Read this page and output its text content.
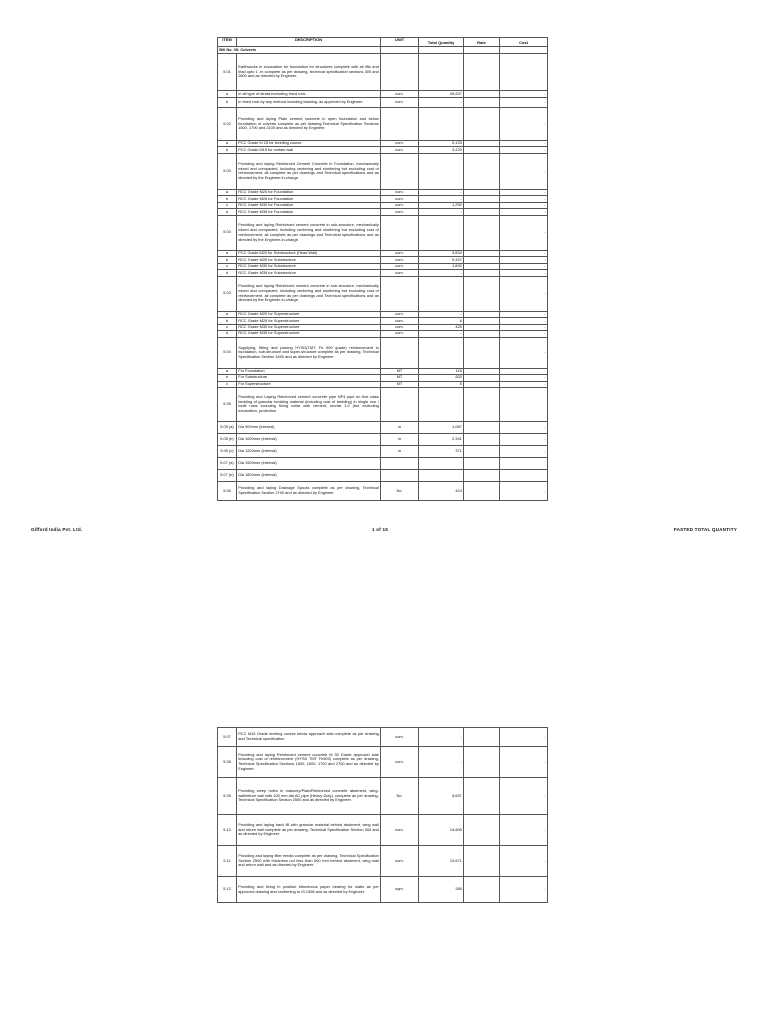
ITEM	DESCRIPTION	UNIT	Total Quantity	Rate	Cost
Bill No. 05: Culverts					
5.01	Earthworks in excavation for foundation for structures complete with all lifts and lead upto 1 ,m complete as per drawing, technical specification sections 300 and 2600 and as directed by Engineer.				
a	In all type of strata excluding Hard rock.	cum.	45,637		-
b	In Hard rock by any method including blasting, as approved by Engineer.	cum.	-		-
5.02	Providing and laying Plain cement concrete in open foundation and below foundation of culverts complete as per drawing,Technical Specification Sections 1500, 1700 and 2100 and as directed by Engineer.				-
a	PCC Grade M 15 for levelling course	cum.	5,133		-
b	PCC Grade M15 for curtain wall	cum.	3,220		-
5.03	Providing and laying Reinforced Cement Concrete in Foundation, mechanically mixed and compacted, including centering and shuttering but excluding cost of reinforcement, all complete as per drawings and Technical specifications and as directed by the Engineer-in-charge.				-
a	RCC Grade M20 for Foundation	cum.	-		-
b	RCC Grade M25 for Foundation	cum.	-		-
c	RCC Grade M30 for Foundation	cum.	1,290		-
d	RCC Grade M35 for Foundation	cum.	-		-
5.03	Providing and laying Reinforced cement concrete in sub-structure, mechanically mixed and compacted, including centering and shuttering but excluding cost of reinforcement, all complete as per drawings and Technical specifications and as directed by the Engineer-in-charge.				-
a	PCC Grade M20 for Substructure (Head Wall)	cum.	3,834		-
b	RCC Grade M25 for Substructure	cum.	5,337		-
c	RCC Grade M30 for Substructure	cum.	1,890		-
d	RCC Grade M35 for Substructure	cum.	-		-
5.03	Providing and laying Reinforced cement concrete in sub-structure, mechanically mixed and compacted, including centering and shuttering but excluding cost of reinforcement, all complete as per drawings and Technical specifications and as directed by the Engineer-in-charge.				-
a	RCC Grade M20 for Superstructure	cum.	-		-
b	RCC Grade M25 for Superstructure	cum.	6		-
c	RCC Grade M30 for Superstructure	cum.	425		-
d	RCC Grade M35 for Superstructure	cum.	-		-
5.04	Supplying, fitting and placing HYSD(TMT, Fe 500 grade) reinforcement in foundation, sub-structure and super-structure complete as per drawing, Technical Specification Section 1600 and as directed by Engineer.				-
a	For Foundation	MT	116		-
b	For Substructure	MT	833		-
c	For Superstructure	MT	5		-
5.05	Providing and Laying Reinforced cement concrete pipe NP4 pipe on first class bedding of granular bedding material (including cost of bedding) in single row / multi rows including fixing collar with cement, mortar 1:2 (but excluding excavation, protection				
5.05 (a)	Dia 900mm (internal)	m	1,087		-
5.05 (b)	Dia 1000mm (internal)	m	2,341		-
5.05 (c)	Dia 1200mm (internal)	m	371		-
5.07 (a)	Dia 1500mm (internal)				
5.07 (b)	Dia 1800mm (internal)				
5.06	Providing and laying Drainage Spouts complete as per drawing, Technical Specification Section 2700 and as directed by Engineer.	No.	424		-
Gifford India Pvt. Ltd.	1 of 15	FASTED TOTAL QUANTITY
5.07	PCC M15 Grade leveling course below approach slab complete as per drawing and Technical specification	cum.	-		-
5.08	Providing and laying Reinforced cement concrete M 30 Grade approach slab including cost of reinforcement (HYSD TMT Fe500) complete as per drawing, Technical Specification Sections 1500, 1600, 1700 and 2700 and as directed by Engineer.	cum.	-		-
5.09	Providing weep holes in masonry/Plain/Reinforced concrete abutment, wing-wall/return wall with 100 mm dia AC pipe (Heavy Duty), complete as per drawing, Technical Specification Section 2500 and as directed by Engineer.	No.	6,657		-
5.10	Providing and laying back fill with granular material behind abutment, wing wall and return wall complete as per drawing, Technical Specification Section 300 and as directed by Engineer.	cum.	14,605		-
5.11	Providing and laying filter media complete as per drawing, Technical Specification Section 2500 with thickness not less than 600 mm behind abutment, wing wall and return wall and as directed by Engineer.	cum.	10,671		-
5.12	Providing and fixing in position bituminous paper bearing for slabs as per approved drawing and confirming to IS:1398 and as directed by Engineer.	sqm.	285		-
